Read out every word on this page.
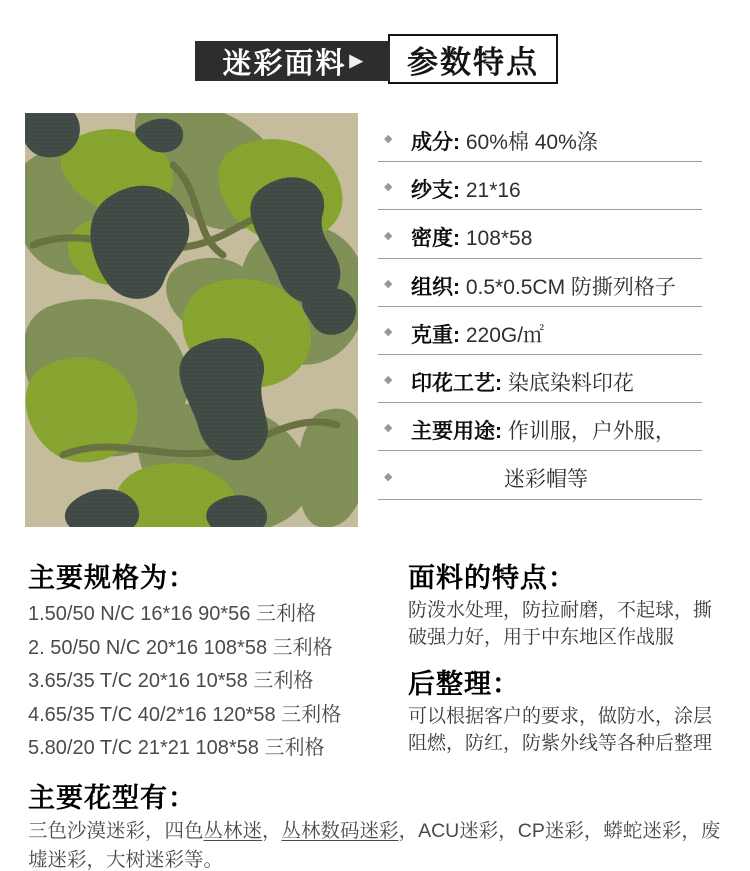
迷彩面料 ▶ 参数特点
◆ 成分: 60%棉 40%涤
◆ 纱支: 21*16
◆ 密度: 108*58
◆ 组织: 0.5*0.5CM 防撕列格子
◆ 克重: 220G/㎡
◆ 印花工艺: 染底染料印花
◆ 主要用途: 作训服，户外服，
◆	迷彩帽等
主要规格为：
1.50/50 N/C 16*16 90*56 三利格
2. 50/50 N/C 20*16 108*58 三利格
3.65/35 T/C 20*16 10*58 三利格
4.65/35 T/C 40/2*16 120*58 三利格
5.80/20 T/C 21*21 108*58 三利格
面料的特点：
防泼水处理，防拉耐磨，不起球，撕破强力好，用于中东地区作战服
后整理：
可以根据客户的要求，做防水，涂层阻燃，防红，防紫外线等各种后整理
主要花型有：
三色沙漠迷彩，四色丛林迷，丛林数码迷彩，ACU迷彩，CP迷彩，蟒蛇迷彩，废墟迷彩，大树迷彩等。
